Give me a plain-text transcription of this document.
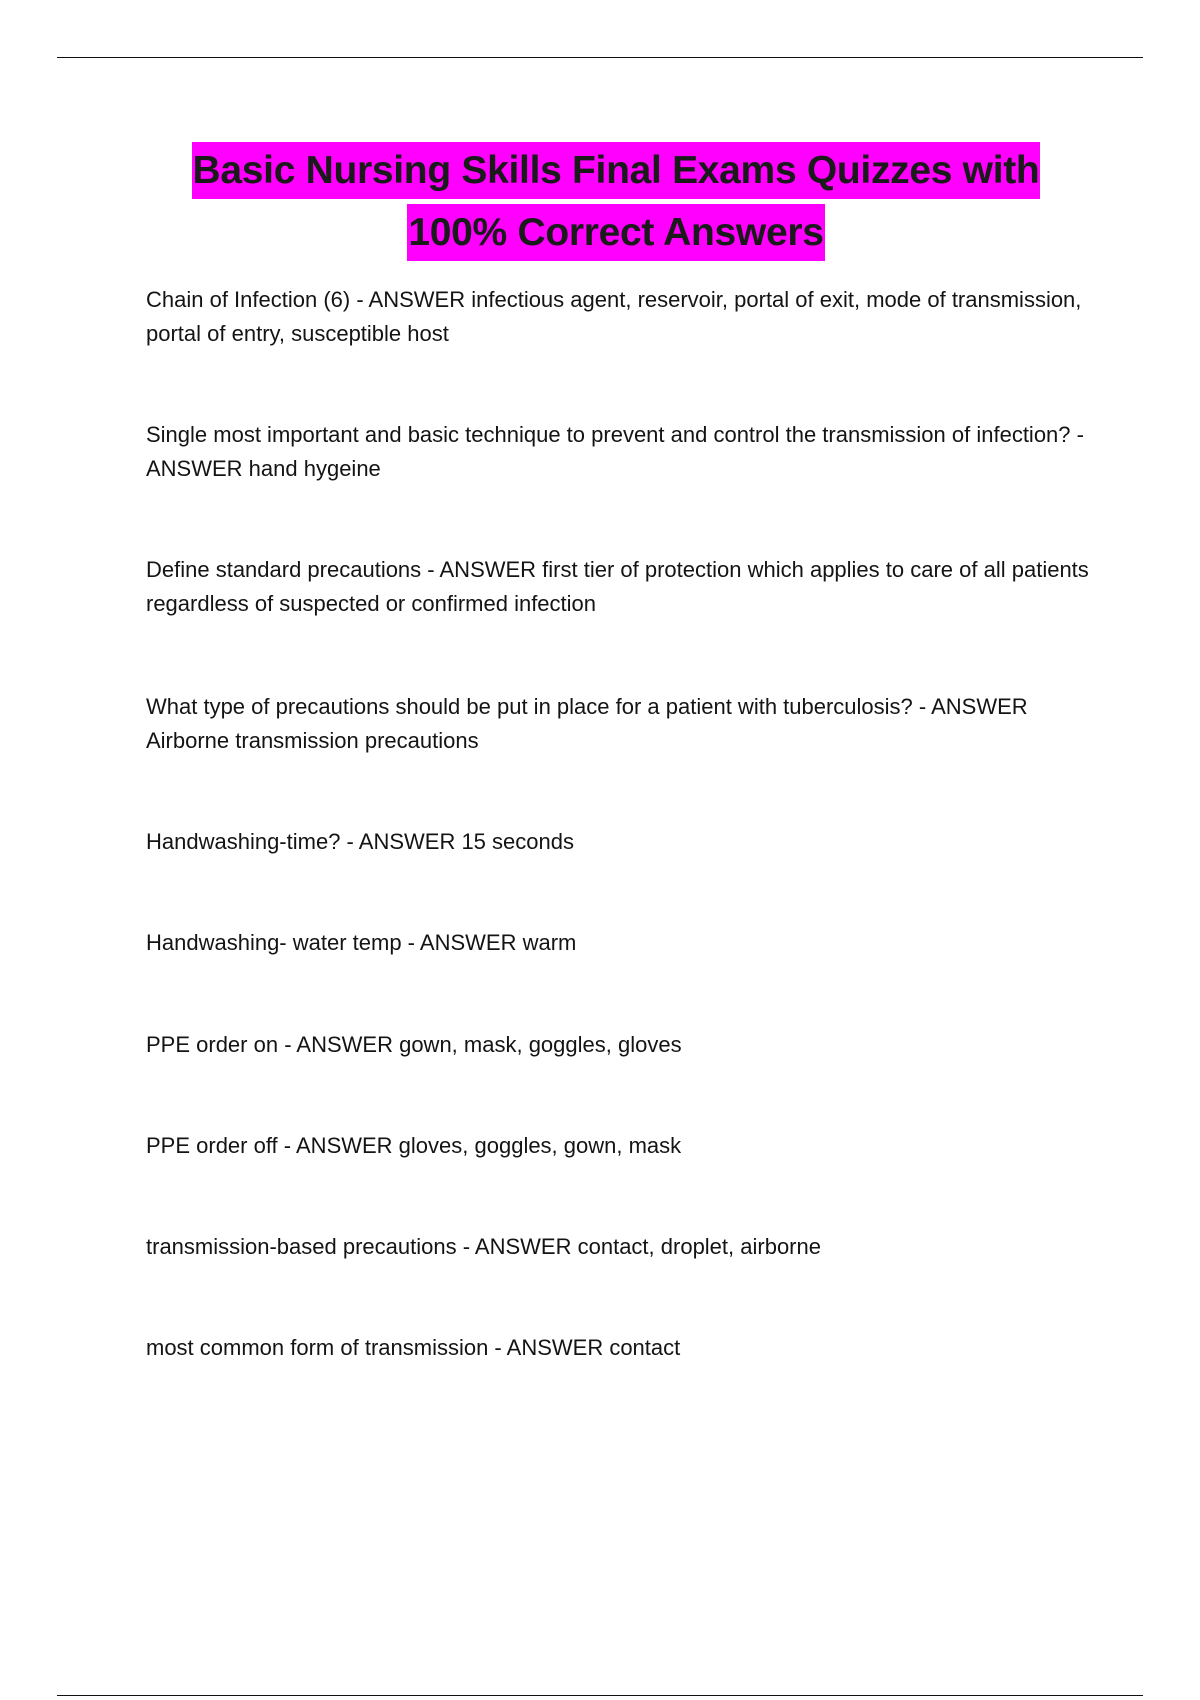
Basic Nursing Skills Final Exams Quizzes with
100% Correct Answers
Chain of Infection (6) - ANSWER infectious agent, reservoir, portal of exit, mode of transmission, portal of entry, susceptible host
Single most important and basic technique to prevent and control the transmission of infection? - ANSWER hand hygeine
Define standard precautions - ANSWER first tier of protection which applies to care of all patients regardless of suspected or confirmed infection
What type of precautions should be put in place for a patient with tuberculosis? - ANSWER Airborne transmission precautions
Handwashing-time? - ANSWER 15 seconds
Handwashing- water temp - ANSWER warm
PPE order on - ANSWER gown, mask, goggles, gloves
PPE order off - ANSWER gloves, goggles, gown, mask
transmission-based precautions - ANSWER contact, droplet, airborne
most common form of transmission - ANSWER contact
